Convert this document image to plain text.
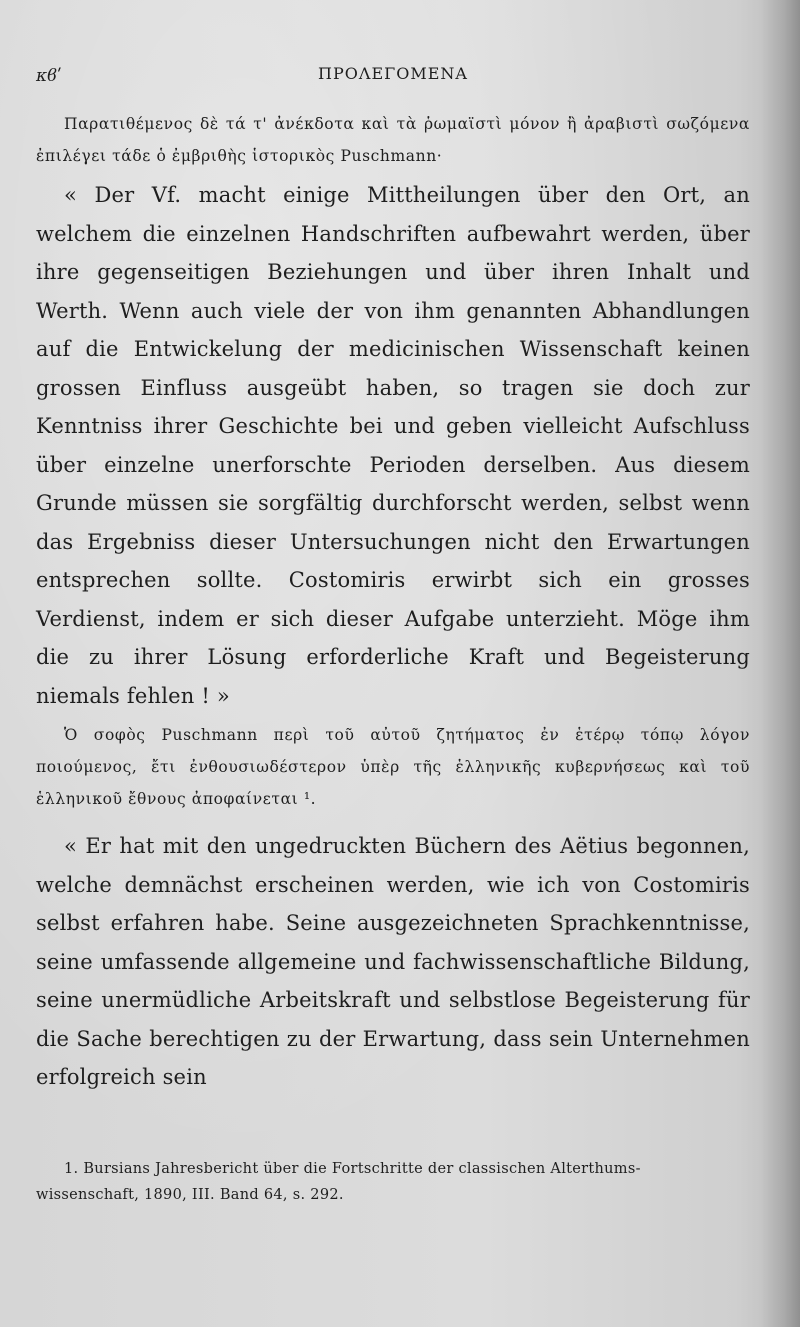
κϐʹ	ΠΡΟΛΕΓΟΜΕΝΑ

Παρατιθέμενος δὲ τά τ' ἀνέκδοτα καὶ τὰ ῥωμαϊστὶ μόνον ἢ ἀραβιστὶ σωζόμενα ἐπιλέγει τάδε ὁ ἐμβριθὴς ἱστορικὸς Puschmann·

« Der Vf. macht einige Mittheilungen über den Ort, an welchem die einzelnen Handschriften aufbewahrt werden, über ihre gegenseitigen Beziehungen und über ihren Inhalt und Werth. Wenn auch viele der von ihm genannten Abhandlungen auf die Entwickelung der medicinischen Wissenschaft keinen grossen Einfluss ausgeübt haben, so tragen sie doch zur Kenntniss ihrer Geschichte bei und geben vielleicht Aufschluss über einzelne unerforschte Perioden derselben. Aus diesem Grunde müssen sie sorgfältig durchforscht werden, selbst wenn das Ergebniss dieser Untersuchungen nicht den Erwartungen entsprechen sollte. Costomiris erwirbt sich ein grosses Verdienst, indem er sich dieser Aufgabe unterzieht. Möge ihm die zu ihrer Lösung erforderliche Kraft und Begeisterung niemals fehlen ! »

Ὁ σοφὸς Puschmann περὶ τοῦ αὐτοῦ ζητήματος ἐν ἑτέρῳ τόπῳ λόγον ποιούμενος, ἔτι ἐνθουσιωδέστερον ὑπὲρ τῆς ἑλληνικῆς κυβερνήσεως καὶ τοῦ ἑλληνικοῦ ἔθνους ἀποφαίνεται ¹.

« Er hat mit den ungedruckten Büchern des Aëtius begonnen, welche demnächst erscheinen werden, wie ich von Costomiris selbst erfahren habe. Seine ausgezeichneten Sprachkenntnisse, seine umfassende allgemeine und fachwissenschaftliche Bildung, seine unermüdliche Arbeitskraft und selbstlose Begeisterung für die Sache berechtigen zu der Erwartung, dass sein Unternehmen erfolgreich sein

1. Bursians Jahresbericht über die Fortschritte der classischen Alterthums-
wissenschaft, 1890, III. Band 64, s. 292.
